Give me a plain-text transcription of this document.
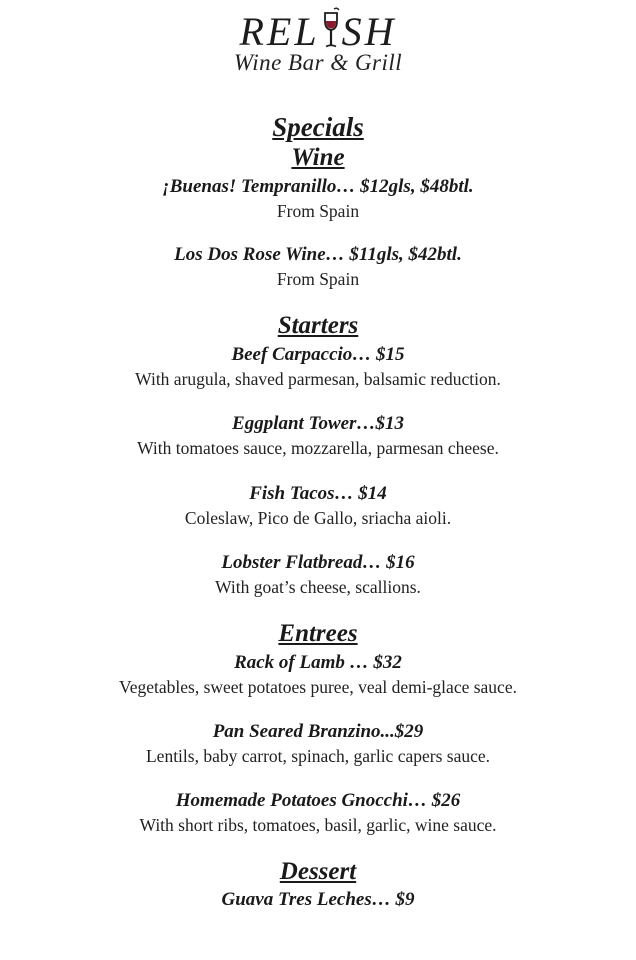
REL SH
Wine Bar & Grill
Specials
Wine
¡Buenas! Tempranillo… $12gls, $48btl.
From Spain
Los Dos Rose Wine… $11gls, $42btl.
From Spain
Starters
Beef Carpaccio… $15
With arugula, shaved parmesan, balsamic reduction.
Eggplant Tower…$13
With tomatoes sauce, mozzarella, parmesan cheese.
Fish Tacos… $14
Coleslaw, Pico de Gallo, sriacha aioli.
Lobster Flatbread… $16
With goat’s cheese, scallions.
Entrees
Rack of Lamb … $32
Vegetables, sweet potatoes puree, veal demi-glace sauce.
Pan Seared Branzino...$29
Lentils, baby carrot, spinach, garlic capers sauce.
Homemade Potatoes Gnocchi… $26
With short ribs, tomatoes, basil, garlic, wine sauce.
Dessert
Guava Tres Leches… $9
